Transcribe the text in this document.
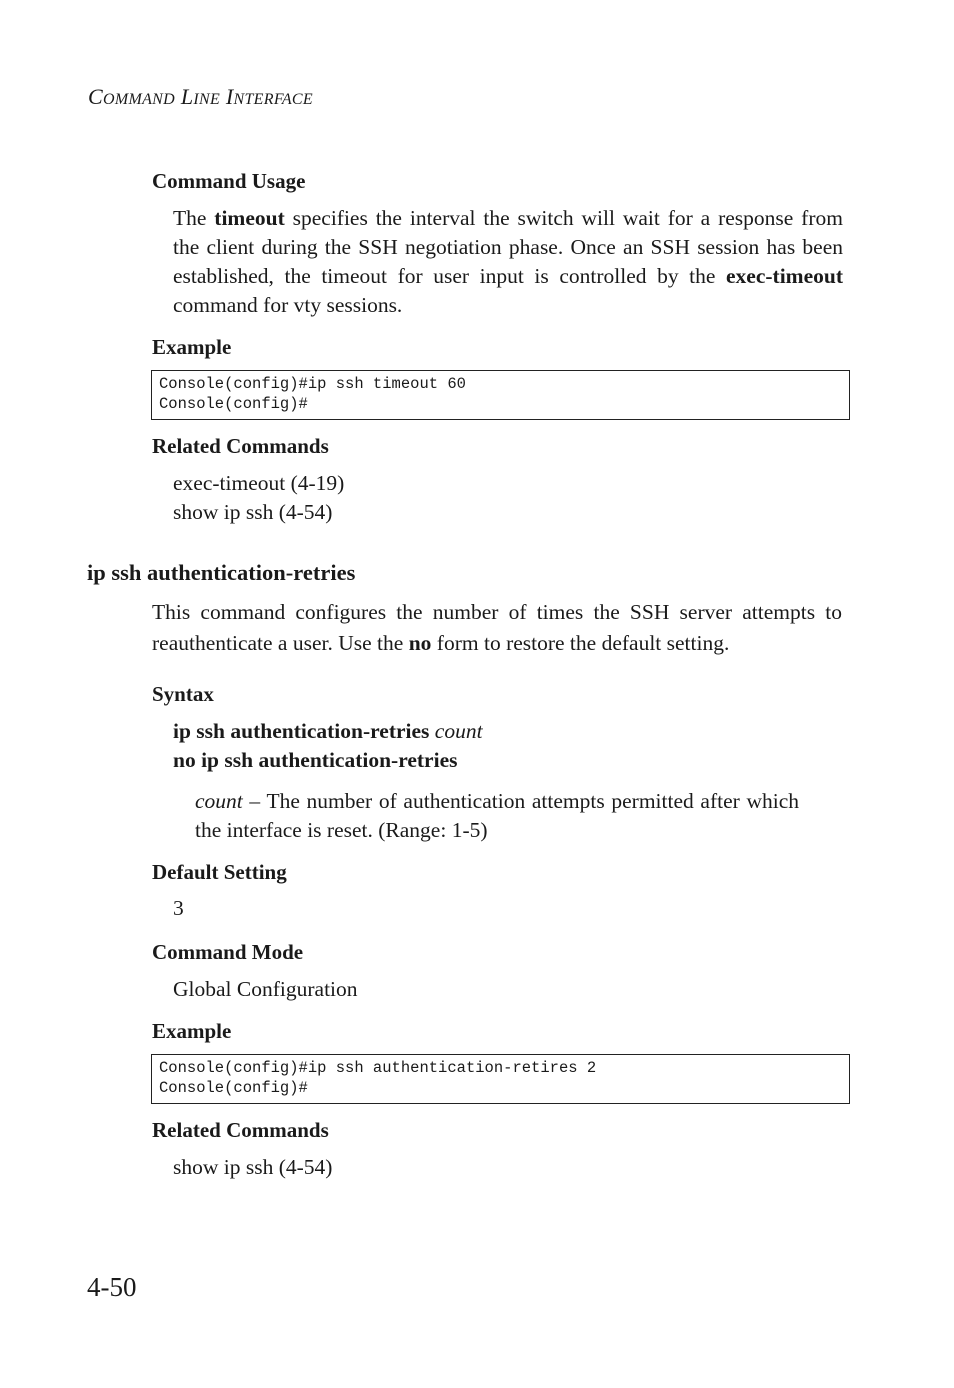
COMMAND LINE INTERFACE
Command Usage
The timeout specifies the interval the switch will wait for a response from the client during the SSH negotiation phase. Once an SSH session has been established, the timeout for user input is controlled by the exec-timeout command for vty sessions.
Example
Console(config)#ip ssh timeout 60
Console(config)#
Related Commands
exec-timeout (4-19)
show ip ssh (4-54)
ip ssh authentication-retries
This command configures the number of times the SSH server attempts to reauthenticate a user. Use the no form to restore the default setting.
Syntax
ip ssh authentication-retries count
no ip ssh authentication-retries
count – The number of authentication attempts permitted after which the interface is reset. (Range: 1-5)
Default Setting
3
Command Mode
Global Configuration
Example
Console(config)#ip ssh authentication-retires 2
Console(config)#
Related Commands
show ip ssh (4-54)
4-50
